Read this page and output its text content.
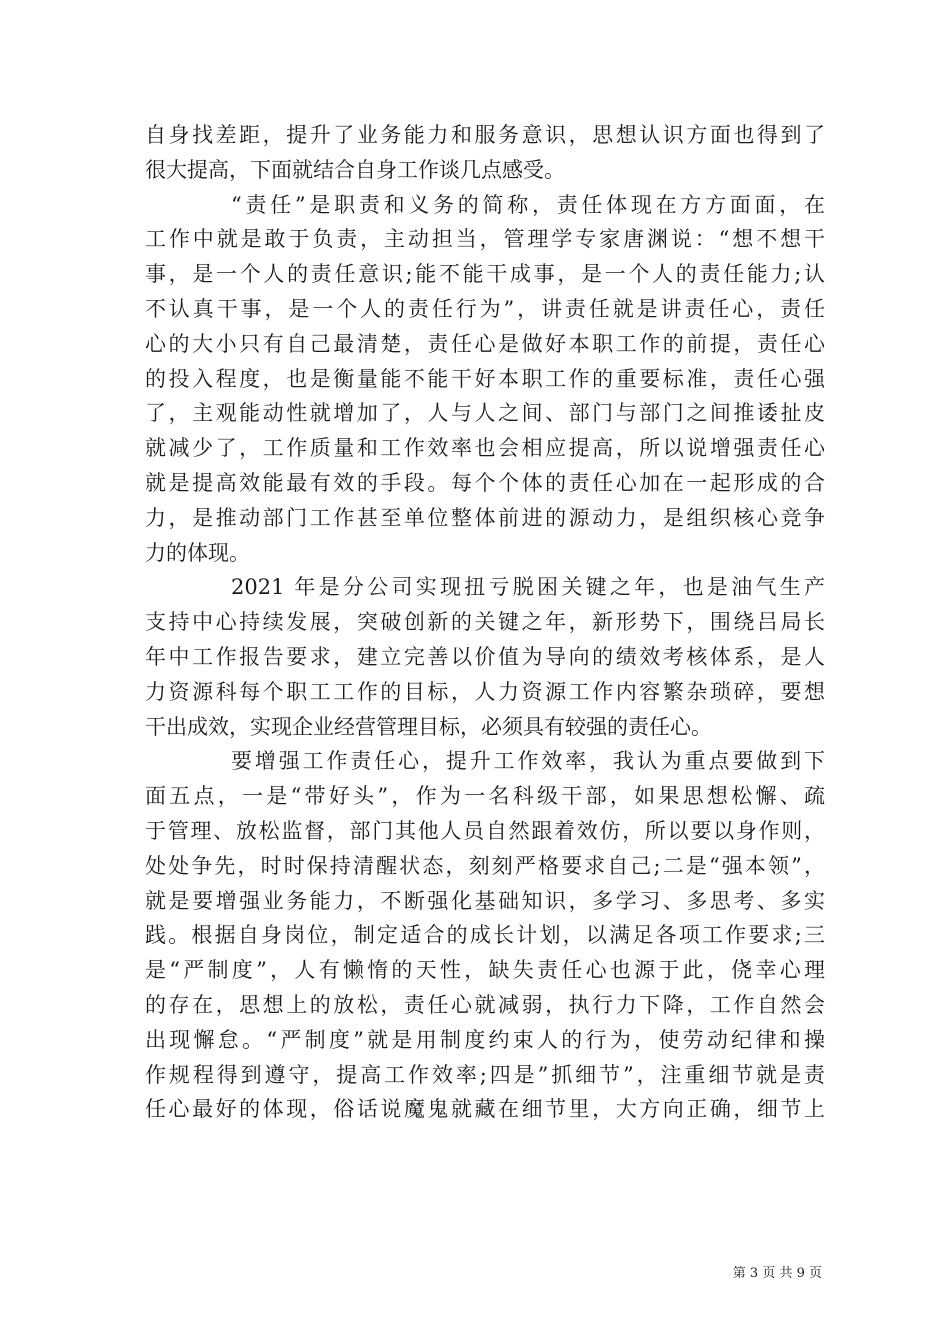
自身找差距，提升了业务能力和服务意识，思想认识方面也得到了
很大提高，下面就结合自身工作谈几点感受。
“责任”是职责和义务的简称，责任体现在方方面面，在
工作中就是敢于负责，主动担当，管理学专家唐渊说：“想不想干
事，是一个人的责任意识;能不能干成事，是一个人的责任能力;认
不认真干事，是一个人的责任行为”，讲责任就是讲责任心，责任
心的大小只有自己最清楚，责任心是做好本职工作的前提，责任心
的投入程度，也是衡量能不能干好本职工作的重要标准，责任心强
了，主观能动性就增加了，人与人之间、部门与部门之间推诿扯皮
就减少了，工作质量和工作效率也会相应提高，所以说增强责任心
就是提高效能最有效的手段。每个个体的责任心加在一起形成的合
力，是推动部门工作甚至单位整体前进的源动力，是组织核心竞争
力的体现。
2021 年是分公司实现扭亏脱困关键之年，也是油气生产
支持中心持续发展，突破创新的关键之年，新形势下，围绕吕局长
年中工作报告要求，建立完善以价值为导向的绩效考核体系，是人
力资源科每个职工工作的目标，人力资源工作内容繁杂琐碎，要想
干出成效，实现企业经营管理目标，必须具有较强的责任心。
要增强工作责任心，提升工作效率，我认为重点要做到下
面五点，一是“带好头”，作为一名科级干部，如果思想松懈、疏
于管理、放松监督，部门其他人员自然跟着效仿，所以要以身作则，
处处争先，时时保持清醒状态，刻刻严格要求自己;二是“强本领”，
就是要增强业务能力，不断强化基础知识，多学习、多思考、多实
践。根据自身岗位，制定适合的成长计划，以满足各项工作要求;三
是“严制度”，人有懒惰的天性，缺失责任心也源于此，侥幸心理
的存在，思想上的放松，责任心就减弱，执行力下降，工作自然会
出现懈怠。“严制度”就是用制度约束人的行为，使劳动纪律和操
作规程得到遵守，提高工作效率;四是”抓细节”，注重细节就是责
任心最好的体现，俗话说魔鬼就藏在细节里，大方向正确，细节上
第 3 页 共 9 页
